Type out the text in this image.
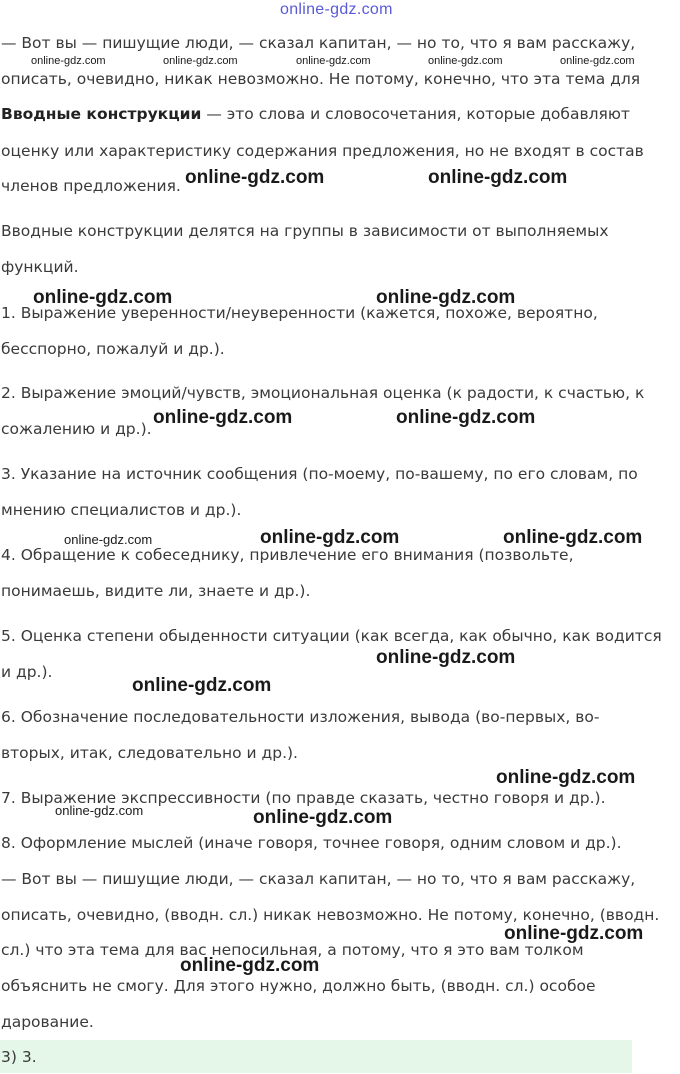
online-gdz.com
online-gdz.com	online-gdz.com	online-gdz.com	online-gdz.com	online-gdz.com
— Вот вы — пишущие люди, — сказал капитан, — но то, что я вам расскажу,
описать, очевидно, никак невозможно. Не потому, конечно, что эта тема для
Вводные конструкции — это слова и словосочетания, которые добавляют
оценку или характеристику содержания предложения, но не входят в состав
членов предложения.
Вводные конструкции делятся на группы в зависимости от выполняемых
функций.
1. Выражение уверенности/неуверенности (кажется, похоже, вероятно,
бесспорно, пожалуй и др.).
2. Выражение эмоций/чувств, эмоциональная оценка (к радости, к счастью, к
сожалению и др.).
3. Указание на источник сообщения (по-моему, по-вашему, по его словам, по
мнению специалистов и др.).
4. Обращение к собеседнику, привлечение его внимания (позвольте,
понимаешь, видите ли, знаете и др.).
5. Оценка степени обыденности ситуации (как всегда, как обычно, как водится
и др.).
6. Обозначение последовательности изложения, вывода (во-первых, во-
вторых, итак, следовательно и др.).
7. Выражение экспрессивности (по правде сказать, честно говоря и др.).
8. Оформление мыслей (иначе говоря, точнее говоря, одним словом и др.).
— Вот вы — пишущие люди, — сказал капитан, — но то, что я вам расскажу,
описать, очевидно, (вводн. сл.) никак невозможно. Не потому, конечно, (вводн.
сл.) что эта тема для вас непосильная, а потому, что я это вам толком
объяснить не смогу. Для этого нужно, должно быть, (вводн. сл.) особое
дарование.
3) 3.
online-gdz.com	online-gdz.com
online-gdz.com	online-gdz.com
online-gdz.com	online-gdz.com
online-gdz.com	online-gdz.com	online-gdz.com
online-gdz.com
online-gdz.com
online-gdz.com
online-gdz.com	online-gdz.com
online-gdz.com
online-gdz.com
